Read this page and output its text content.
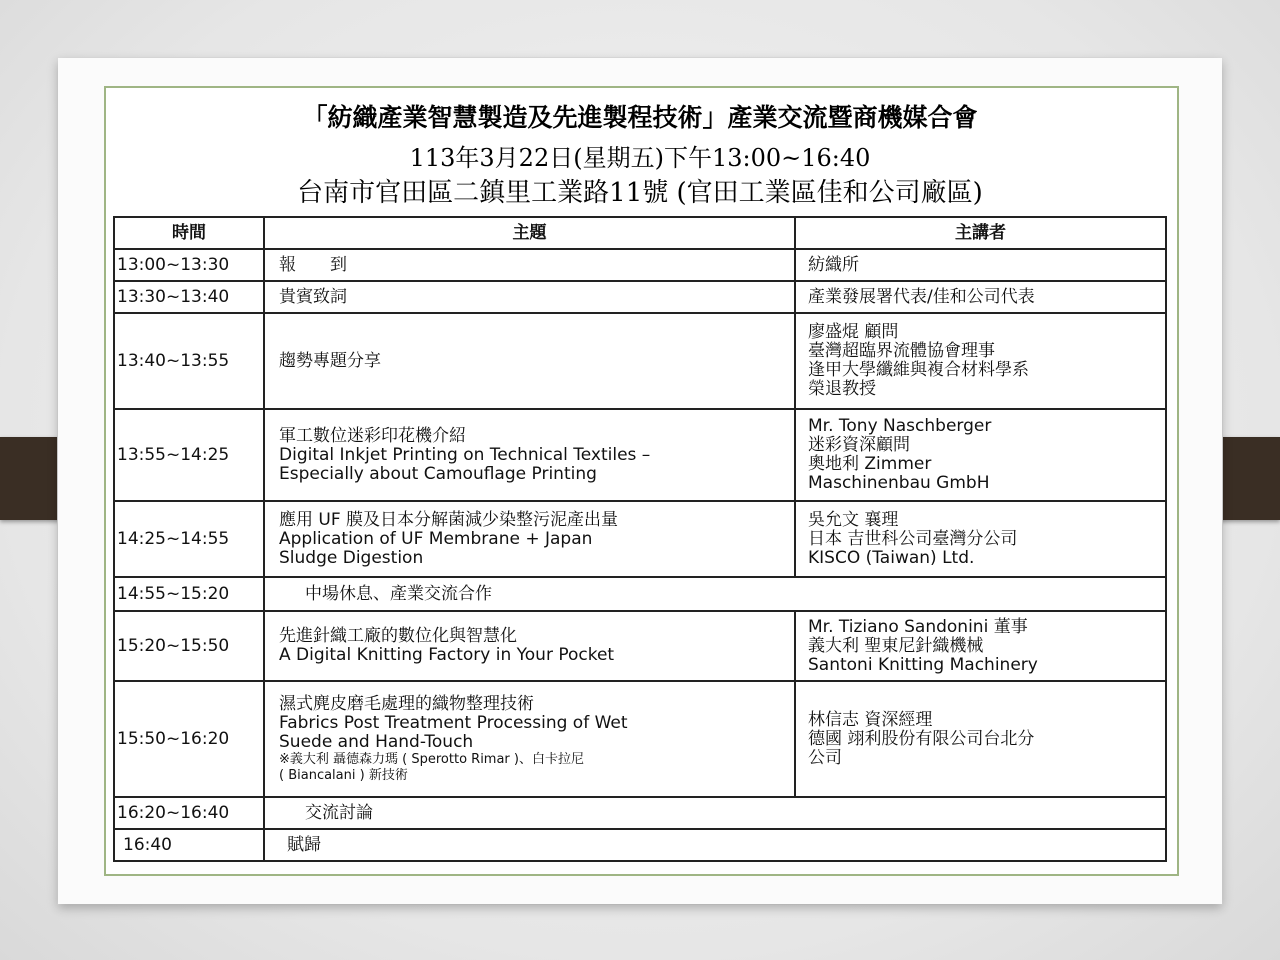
「紡織產業智慧製造及先進製程技術」產業交流暨商機媒合會
113年3月22日(星期五)下午13:00~16:40
台南市官田區二鎮里工業路11號 (官田工業區佳和公司廠區)
時間	主題	主講者
13:00~13:30	報　　到	紡織所

13:30~13:40	貴賓致詞	產業發展署代表/佳和公司代表

13:40~13:55	趨勢專題分享	廖盛焜 顧問
臺灣超臨界流體協會理事
逢甲大學纖維與複合材料學系
榮退教授

13:55~14:25	軍工數位迷彩印花機介紹
Digital Inkjet Printing on Technical Textiles –
Especially about Camouflage Printing	Mr. Tony Naschberger
迷彩資深顧問
奧地利 Zimmer
Maschinenbau GmbH

14:25~14:55	應用 UF 膜及日本分解菌減少染整污泥產出量
Application of UF Membrane + Japan
Sludge Digestion	吳允文 襄理
日本 吉世科公司臺灣分公司
KISCO (Taiwan) Ltd.

14:55~15:20	中場休息、產業交流合作	

15:20~15:50	先進針織工廠的數位化與智慧化
A Digital Knitting Factory in Your Pocket	Mr. Tiziano Sandonini 董事
義大利 聖東尼針織機械
Santoni Knitting Machinery

15:50~16:20	濕式麂皮磨毛處理的織物整理技術
Fabrics Post Treatment Processing of Wet
Suede and Hand-Touch
※義大利 聶德森力瑪 ( Sperotto Rimar )、白卡拉尼
( Biancalani ) 新技術	林信志 資深經理
德國 翊利股份有限公司台北分
公司

16:20~16:40	交流討論	

16:40	賦歸	
